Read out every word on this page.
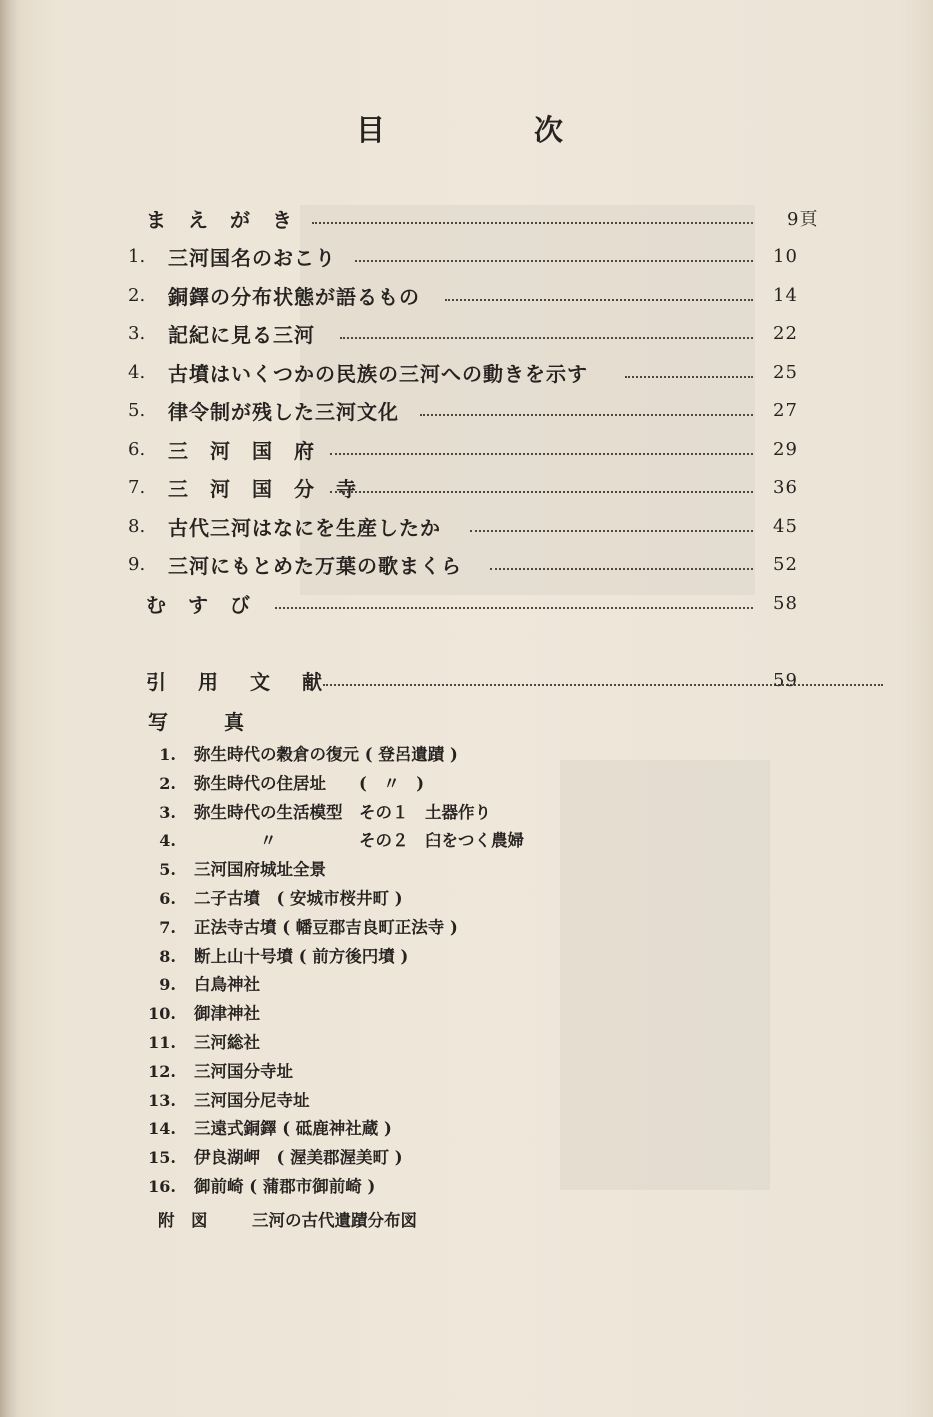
目	次
ま　え　が　き	9頁
1.	三河国名のおこり	10
2.	銅鐸の分布状態が語るもの	14
3.	記紀に見る三河	22
4.	古墳はいくつかの民族の三河への動きを示す	25
5.	律令制が残した三河文化	27
6.	三　河　国　府	29
7.	三　河　国　分　寺	36
8.	古代三河はなにを生産したか	45
9.	三河にもとめた万葉の歌まくら	52
む　す　び	58
引　用　文　献	59
写　真
1. 弥生時代の穀倉の復元 ( 登呂遺蹟 )
2. 弥生時代の住居址　　(　〃　)
3. 弥生時代の生活模型　その１　土器作り
4. 　　　　〃　　　　　その２　臼をつく農婦
5. 三河国府城址全景
6. 二子古墳　( 安城市桜井町 )
7. 正法寺古墳 ( 幡豆郡吉良町正法寺 )
8. 断上山十号墳 ( 前方後円墳 )
9. 白鳥神社
10. 御津神社
11. 三河総社
12. 三河国分寺址
13. 三河国分尼寺址
14. 三遠式銅鐸 ( 砥鹿神社蔵 )
15. 伊良湖岬　( 渥美郡渥美町 )
16. 御前崎 ( 蒲郡市御前崎 )
附　図	三河の古代遺蹟分布図
